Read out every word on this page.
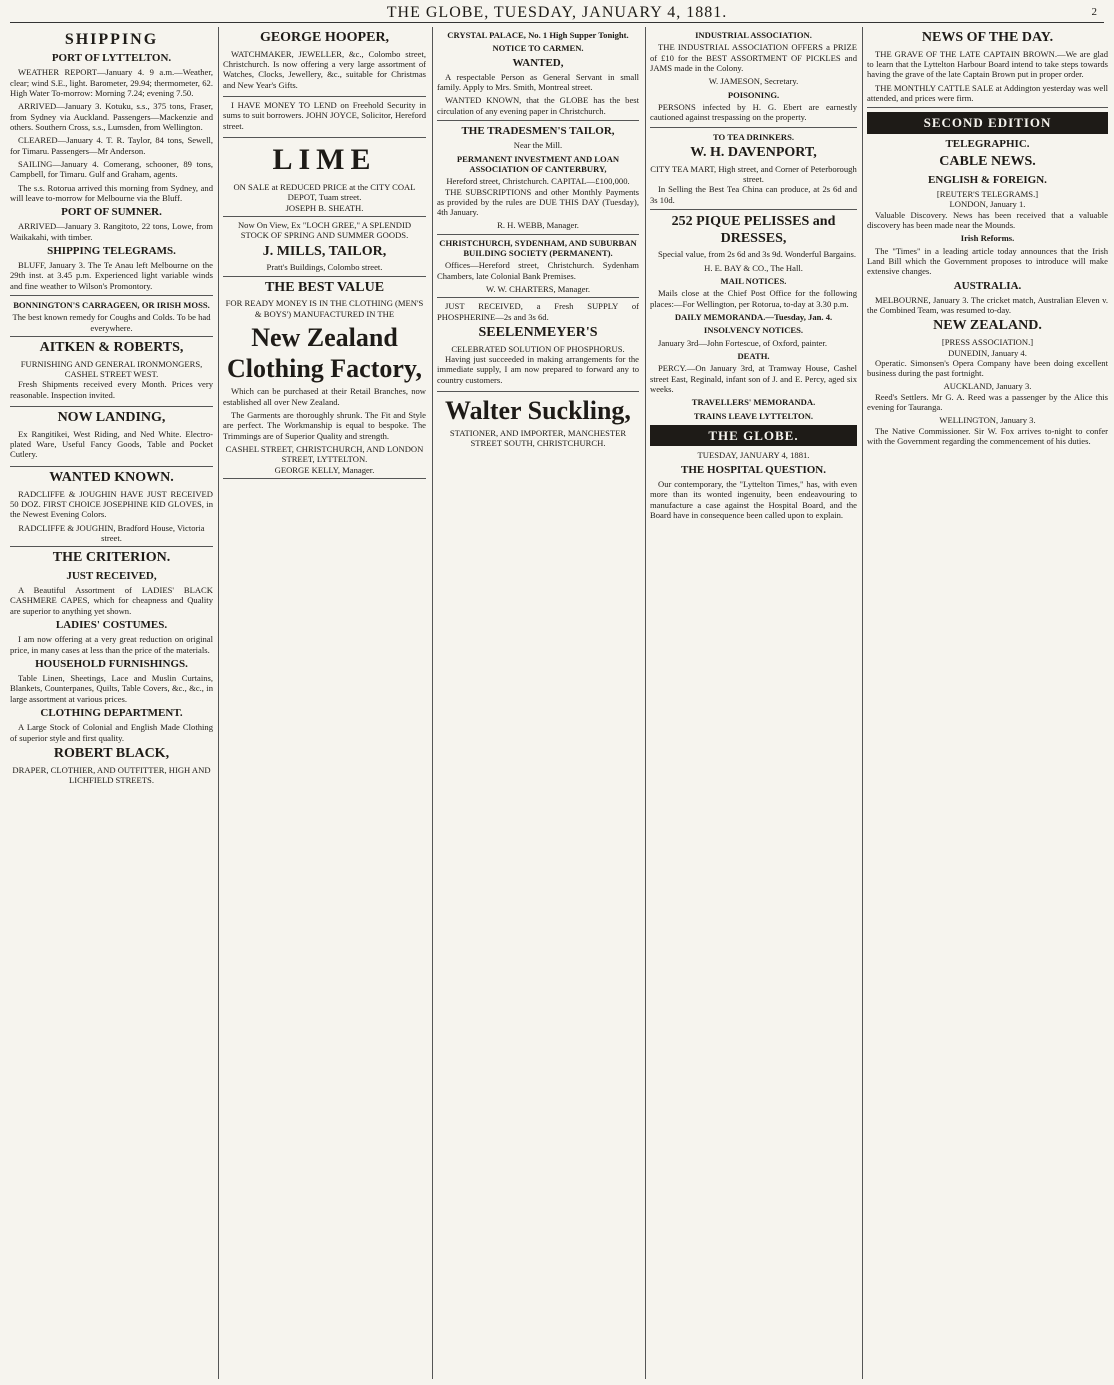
THE GLOBE, TUESDAY, JANUARY 4, 1881.	2
SHIPPING
PORT OF LYTTELTON.

WEATHER REPORT—January 4. 9 a.m.—Weather, clear; wind S.E., light. Barometer, 29.94; thermometer, 62. High Water To-morrow: Morning 7.24; evening 7.50.

ARRIVED—January 3. Kotuku, s.s., 375 tons, Fraser, from Sydney via Auckland. Passengers—Mackenzie and others. Southern Cross, s.s., Lumsden, from Wellington.

CLEARED—January 4. T. R. Taylor, 84 tons, Sewell, for Timaru. Passengers—Mr Anderson.

SAILING—January 4. Comerang, schooner, 89 tons, Campbell, for Timaru. Gulf and Graham, agents.

The s.s. Rotorua arrived this morning from Sydney, and will leave to-morrow for Melbourne via the Bluff.

PORT OF SUMNER.

ARRIVED—January 3. Rangitoto, 22 tons, Lowe, from Waikakahi, with timber.

SHIPPING TELEGRAMS.

BLUFF, January 3. The Te Anau left Melbourne on the 29th inst. at 3.45 p.m. Experienced light variable winds and fine weather to Wilson's Promontory.

BONNINGTON'S CARRAGEEN, OR IRISH MOSS.
The best known remedy for Coughs and Colds. To be had everywhere.
AITKEN & ROBERTS,
FURNISHING AND GENERAL IRONMONGERS, CASHEL STREET WEST.

Fresh Shipments received every Month. Prices very reasonable. Inspection invited.

NOW LANDING,

Ex Rangitikei, West Riding, and Ned White. Electro-plated Ware, Useful Fancy Goods, Table and Pocket Cutlery.

WANTED KNOWN.

RADCLIFFE & JOUGHIN HAVE JUST RECEIVED 50 DOZ. FIRST CHOICE JOSEPHINE KID GLOVES, in the Newest Evening Colors.

RADCLIFFE & JOUGHIN, Bradford House, Victoria street.
THE CRITERION.
JUST RECEIVED,

A Beautiful Assortment of LADIES' BLACK CASHMERE CAPES, which for cheapness and Quality are superior to anything yet shown.

LADIES' COSTUMES.

I am now offering at a very great reduction on original price, in many cases at less than the price of the materials.

HOUSEHOLD FURNISHINGS.

Table Linen, Sheetings, Lace and Muslin Curtains, Blankets, Counterpanes, Quilts, Table Covers, &c., &c., in large assortment at various prices.

CLOTHING DEPARTMENT.

A Large Stock of Colonial and English Made Clothing of superior style and first quality.

ROBERT BLACK,
DRAPER, CLOTHIER, AND OUTFITTER, HIGH AND LICHFIELD STREETS.
GEORGE HOOPER,

WATCHMAKER, JEWELLER, &c., Colombo street, Christchurch. Is now offering a very large assortment of Watches, Clocks, Jewellery, &c., suitable for Christmas and New Year's Gifts.

I HAVE MONEY TO LEND on Freehold Security in sums to suit borrowers. JOHN JOYCE, Solicitor, Hereford street.

LIME
ON SALE at REDUCED PRICE at the CITY COAL DEPOT, Tuam street.
JOSEPH B. SHEATH.
Now On View, Ex "LOCH GREE," A SPLENDID STOCK OF SPRING AND SUMMER GOODS.
J. MILLS, TAILOR,
Pratt's Buildings, Colombo street.
THE BEST VALUE
FOR READY MONEY IS IN THE CLOTHING (MEN'S & BOYS') MANUFACTURED IN THE
New Zealand Clothing Factory,

Which can be purchased at their Retail Branches, now established all over New Zealand.

The Garments are thoroughly shrunk. The Fit and Style are perfect. The Workmanship is equal to bespoke. The Trimmings are of Superior Quality and strength.

CASHEL STREET, CHRISTCHURCH, AND LONDON STREET, LYTTELTON.
GEORGE KELLY, Manager.
CRYSTAL PALACE, No. 1 High Supper Tonight.
NOTICE TO CARMEN.
WANTED,

A respectable Person as General Servant in small family. Apply to Mrs. Smith, Montreal street.

WANTED KNOWN, that the GLOBE has the best circulation of any evening paper in Christchurch.

THE TRADESMEN'S TAILOR,
Near the Mill.
PERMANENT INVESTMENT AND LOAN ASSOCIATION OF CANTERBURY,
Hereford street, Christchurch. CAPITAL—£100,000.

THE SUBSCRIPTIONS and other Monthly Payments as provided by the rules are DUE THIS DAY (Tuesday), 4th January.

R. H. WEBB, Manager.
CHRISTCHURCH, SYDENHAM, AND SUBURBAN BUILDING SOCIETY (PERMANENT).

Offices—Hereford street, Christchurch. Sydenham Chambers, late Colonial Bank Premises.

W. W. CHARTERS, Manager.

JUST RECEIVED, a Fresh SUPPLY of PHOSPHERINE—2s and 3s 6d.

SEELENMEYER'S
CELEBRATED SOLUTION OF PHOSPHORUS.

Having just succeeded in making arrangements for the immediate supply, I am now prepared to forward any to country customers.

Walter Suckling,
STATIONER, AND IMPORTER, MANCHESTER STREET SOUTH, CHRISTCHURCH.
INDUSTRIAL ASSOCIATION.

THE INDUSTRIAL ASSOCIATION OFFERS a PRIZE of £10 for the BEST ASSORTMENT OF PICKLES and JAMS made in the Colony.

W. JAMESON, Secretary.
POISONING.

PERSONS infected by H. G. Ebert are earnestly cautioned against trespassing on the property.

TO TEA DRINKERS.
W. H. DAVENPORT,
CITY TEA MART, High street, and Corner of Peterborough street.

In Selling the Best Tea China can produce, at 2s 6d and 3s 10d.

252 PIQUE PELISSES and DRESSES,

Special value, from 2s 6d and 3s 9d. Wonderful Bargains.

H. E. BAY & CO., The Hall.
MAIL NOTICES.

Mails close at the Chief Post Office for the following places:—For Wellington, per Rotorua, to-day at 3.30 p.m.

DAILY MEMORANDA.—Tuesday, Jan. 4.
INSOLVENCY NOTICES.

January 3rd—John Fortescue, of Oxford, painter.

DEATH.

PERCY.—On January 3rd, at Tramway House, Cashel street East, Reginald, infant son of J. and E. Percy, aged six weeks.

TRAVELLERS' MEMORANDA.
TRAINS LEAVE LYTTELTON.
THE GLOBE.
TUESDAY, JANUARY 4, 1881.
THE HOSPITAL QUESTION.

Our contemporary, the "Lyttelton Times," has, with even more than its wonted ingenuity, been endeavouring to manufacture a case against the Hospital Board, and the Board have in consequence been called upon to explain.

NEWS OF THE DAY.

THE GRAVE OF THE LATE CAPTAIN BROWN.—We are glad to learn that the Lyttelton Harbour Board intend to take steps towards having the grave of the late Captain Brown put in proper order.

THE MONTHLY CATTLE SALE at Addington yesterday was well attended, and prices were firm.

SECOND EDITION
TELEGRAPHIC.
CABLE NEWS.
ENGLISH & FOREIGN.
[REUTER'S TELEGRAMS.]
LONDON, January 1.

Valuable Discovery. News has been received that a valuable discovery has been made near the Mounds.

Irish Reforms.

The "Times" in a leading article today announces that the Irish Land Bill which the Government proposes to introduce will make extensive changes.

AUSTRALIA.

MELBOURNE, January 3. The cricket match, Australian Eleven v. the Combined Team, was resumed to-day.

NEW ZEALAND.
[PRESS ASSOCIATION.]
DUNEDIN, January 4.

Operatic. Simonsen's Opera Company have been doing excellent business during the past fortnight.

AUCKLAND, January 3.

Reed's Settlers. Mr G. A. Reed was a passenger by the Alice this evening for Tauranga.

WELLINGTON, January 3.

The Native Commissioner. Sir W. Fox arrives to-night to confer with the Government regarding the commencement of his duties.
